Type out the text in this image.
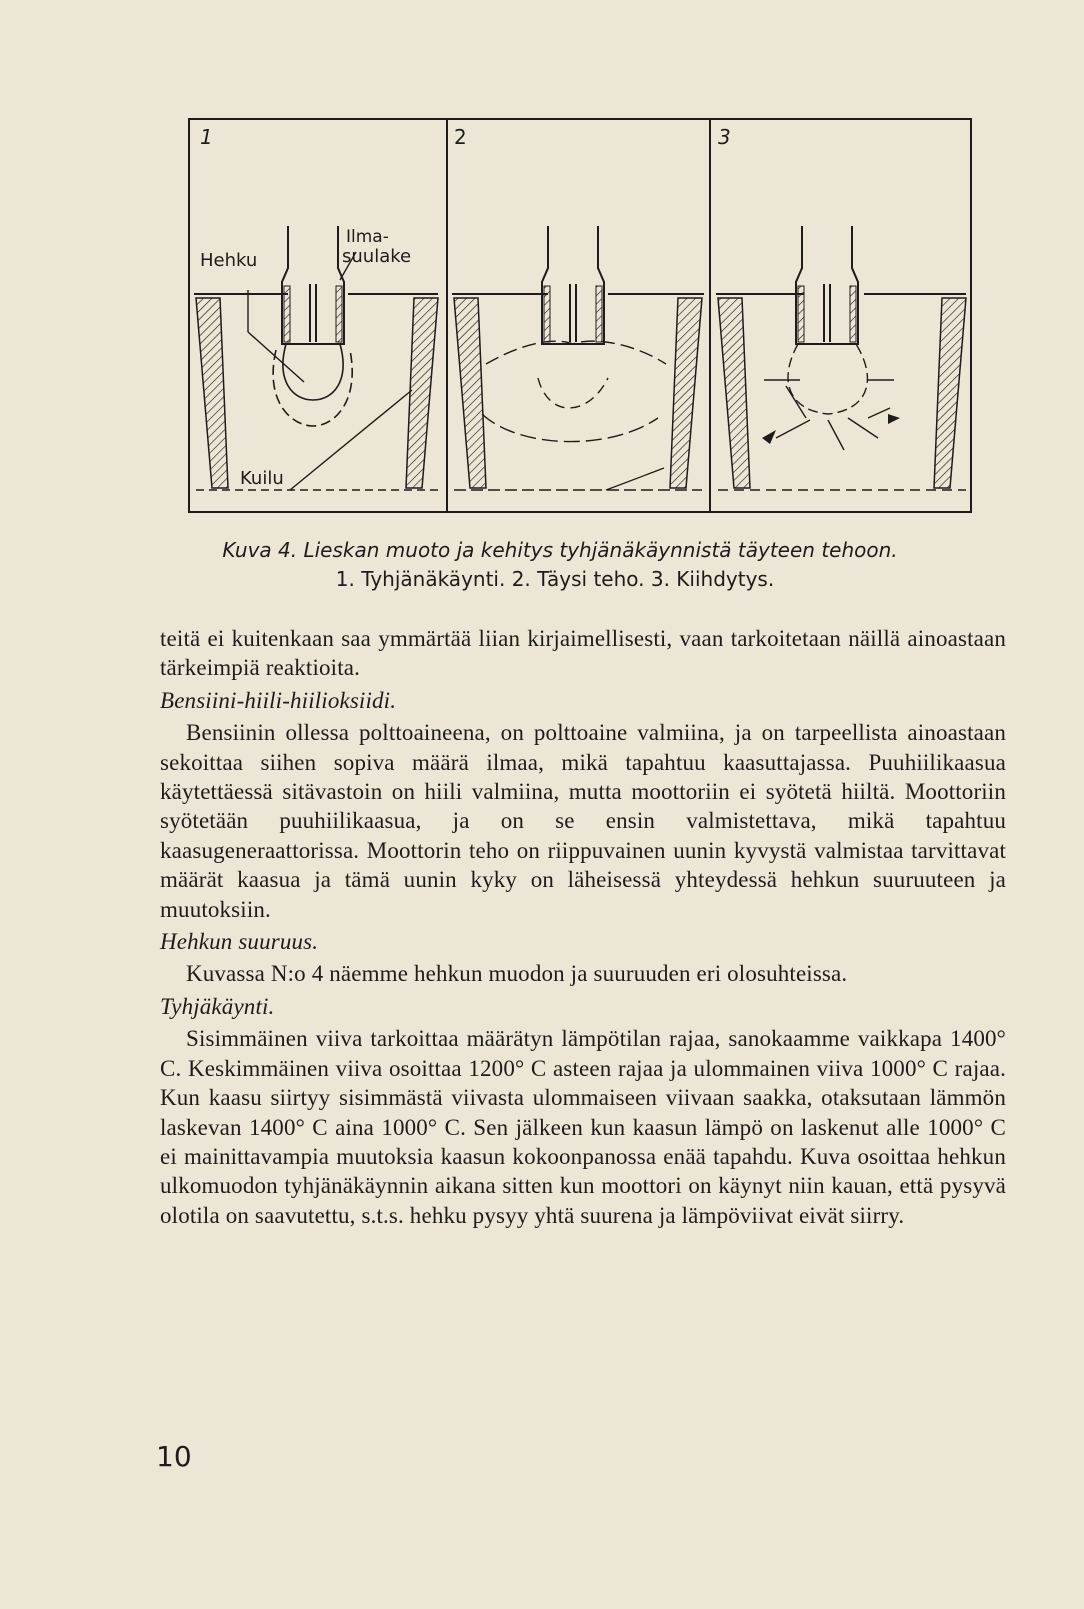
1	2	3
Hehku
Ilma-
suulake
Kuilu
Kuva 4. Lieskan muoto ja kehitys tyhjänäkäynnistä täyteen tehoon.
1. Tyhjänäkäynti. 2. Täysi teho. 3. Kiihdytys.

teitä ei kuitenkaan saa ymmärtää liian kirjaimellisesti, vaan tarkoitetaan näillä ainoastaan tärkeimpiä reaktioita.

Bensiini-hiili-hiilioksiidi.

Bensiinin ollessa polttoaineena, on polttoaine valmiina, ja on tarpeellista ainoastaan sekoittaa siihen sopiva määrä ilmaa, mikä tapahtuu kaasuttajassa. Puuhiilikaasua käytettäessä sitävastoin on hiili valmiina, mutta moottoriin ei syötetä hiiltä. Moottoriin syötetään puuhiilikaasua, ja on se ensin valmistettava, mikä tapahtuu kaasugeneraattorissa. Moottorin teho on riippuvainen uunin kyvystä valmistaa tarvittavat määrät kaasua ja tämä uunin kyky on läheisessä yhteydessä hehkun suuruuteen ja muutoksiin.

Hehkun suuruus.

Kuvassa N:o 4 näemme hehkun muodon ja suuruuden eri olosuhteissa.

Tyhjäkäynti.

Sisimmäinen viiva tarkoittaa määrätyn lämpötilan rajaa, sanokaamme vaikkapa 1400° C. Keskimmäinen viiva osoittaa 1200° C asteen rajaa ja ulommainen viiva 1000° C rajaa. Kun kaasu siirtyy sisimmästä viivasta ulommaiseen viivaan saakka, otaksutaan lämmön laskevan 1400° C aina 1000° C. Sen jälkeen kun kaasun lämpö on laskenut alle 1000° C ei mainittavampia muutoksia kaasun kokoonpanossa enää tapahdu. Kuva osoittaa hehkun ulkomuodon tyhjänäkäynnin aikana sitten kun moottori on käynyt niin kauan, että pysyvä olotila on saavutettu, s.t.s. hehku pysyy yhtä suurena ja lämpöviivat eivät siirry.

10
